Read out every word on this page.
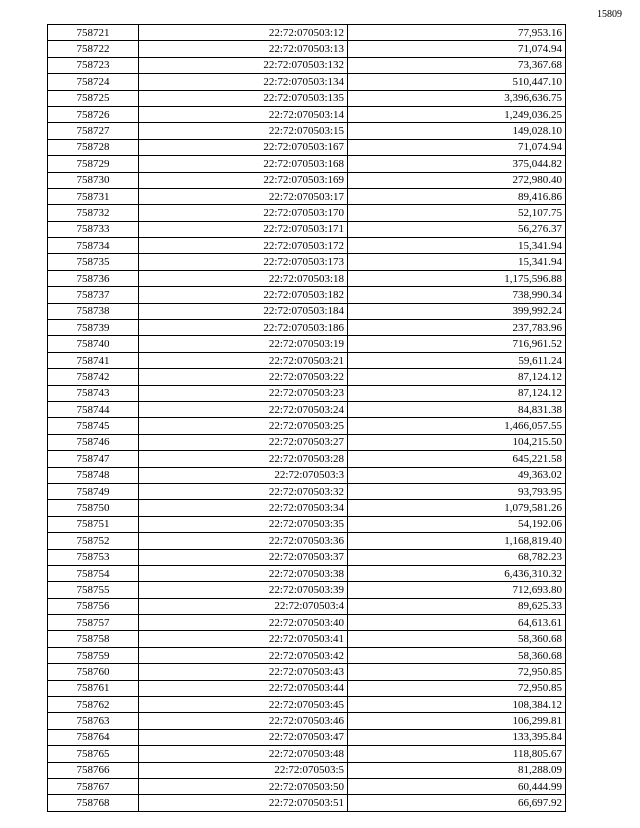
15809
758721	22:72:070503:12	77,953.16
758722	22:72:070503:13	71,074.94
758723	22:72:070503:132	73,367.68
758724	22:72:070503:134	510,447.10
758725	22:72:070503:135	3,396,636.75
758726	22:72:070503:14	1,249,036.25
758727	22:72:070503:15	149,028.10
758728	22:72:070503:167	71,074.94
758729	22:72:070503:168	375,044.82
758730	22:72:070503:169	272,980.40
758731	22:72:070503:17	89,416.86
758732	22:72:070503:170	52,107.75
758733	22:72:070503:171	56,276.37
758734	22:72:070503:172	15,341.94
758735	22:72:070503:173	15,341.94
758736	22:72:070503:18	1,175,596.88
758737	22:72:070503:182	738,990.34
758738	22:72:070503:184	399,992.24
758739	22:72:070503:186	237,783.96
758740	22:72:070503:19	716,961.52
758741	22:72:070503:21	59,611.24
758742	22:72:070503:22	87,124.12
758743	22:72:070503:23	87,124.12
758744	22:72:070503:24	84,831.38
758745	22:72:070503:25	1,466,057.55
758746	22:72:070503:27	104,215.50
758747	22:72:070503:28	645,221.58
758748	22:72:070503:3	49,363.02
758749	22:72:070503:32	93,793.95
758750	22:72:070503:34	1,079,581.26
758751	22:72:070503:35	54,192.06
758752	22:72:070503:36	1,168,819.40
758753	22:72:070503:37	68,782.23
758754	22:72:070503:38	6,436,310.32
758755	22:72:070503:39	712,693.80
758756	22:72:070503:4	89,625.33
758757	22:72:070503:40	64,613.61
758758	22:72:070503:41	58,360.68
758759	22:72:070503:42	58,360.68
758760	22:72:070503:43	72,950.85
758761	22:72:070503:44	72,950.85
758762	22:72:070503:45	108,384.12
758763	22:72:070503:46	106,299.81
758764	22:72:070503:47	133,395.84
758765	22:72:070503:48	118,805.67
758766	22:72:070503:5	81,288.09
758767	22:72:070503:50	60,444.99
758768	22:72:070503:51	66,697.92
